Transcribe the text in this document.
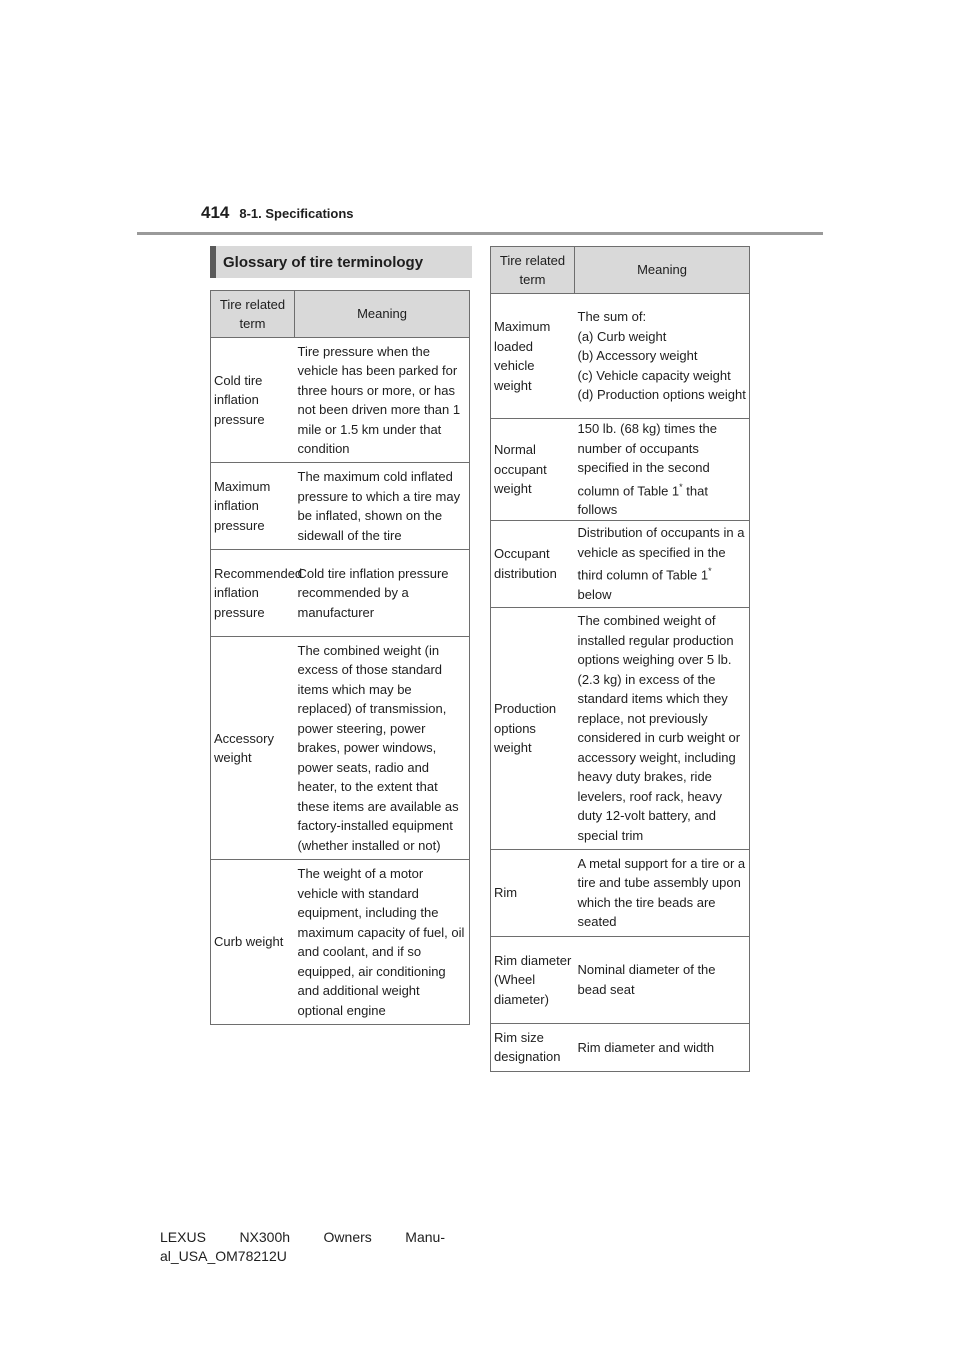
414 8-1. Specifications
Glossary of tire terminology
Tire related term	Meaning
Cold tire inflation pressure	Tire pressure when the vehicle has been parked for three hours or more, or has not been driven more than 1 mile or 1.5 km under that condition
Maximum inflation pressure	The maximum cold inflated pressure to which a tire may be inflated, shown on the sidewall of the tire
Recommended inflation pressure	Cold tire inflation pressure recommended by a manufacturer
Accessory weight	The combined weight (in excess of those standard items which may be replaced) of transmission, power steering, power brakes, power windows, power seats, radio and heater, to the extent that these items are available as factory-installed equipment (whether installed or not)
Curb weight	The weight of a motor vehicle with standard equipment, including the maximum capacity of fuel, oil and coolant, and if so equipped, air conditioning and additional weight optional engine
Tire related term	Meaning
Maximum loaded vehicle weight	The sum of:
(a) Curb weight
(b) Accessory weight
(c) Vehicle capacity weight
(d) Production options weight

Normal occupant weight	150 lb. (68 kg) times the number of occupants specified in the second column of Table 1* that follows

Occupant distribution	Distribution of occupants in a vehicle as specified in the third column of Table 1* below

Production options weight	The combined weight of installed regular production options weighing over 5 lb. (2.3 kg) in excess of the standard items which they replace, not previously considered in curb weight or accessory weight, including heavy duty brakes, ride levelers, roof rack, heavy duty 12-volt battery, and special trim

Rim	A metal support for a tire or a tire and tube assembly upon which the tire beads are seated

Rim diameter (Wheel diameter)	Nominal diameter of the bead seat

Rim size designation	Rim diameter and width
LEXUS NX300h Owners Manu-
al_USA_OM78212U
